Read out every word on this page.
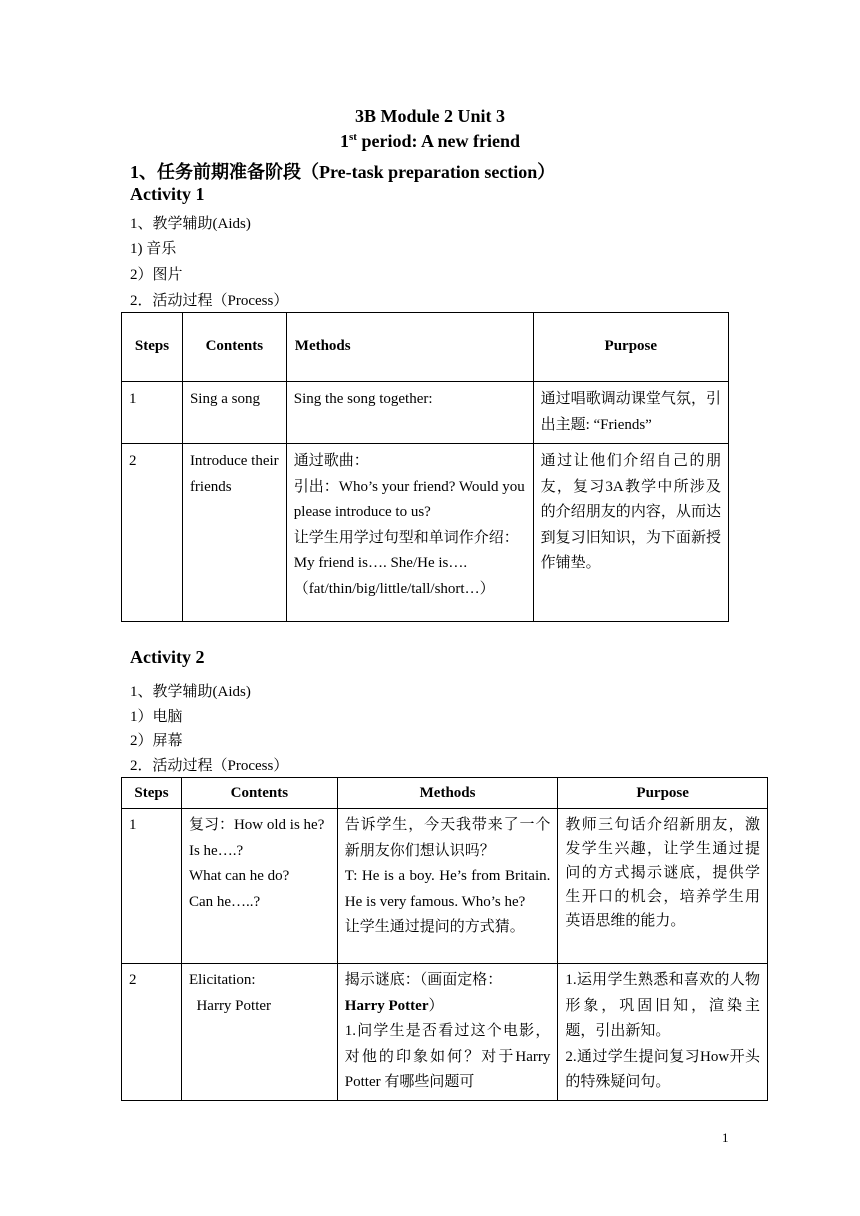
3B Module 2 Unit 3
1st period: A new friend
1、任务前期准备阶段（Pre-task preparation section）
Activity 1
1、教学辅助(Aids)
1) 音乐
2）图片
2．活动过程（Process）
Steps	Contents	Methods	Purpose
1	Sing a song	Sing the song together:	通过唱歌调动课堂气氛，引出主题: “Friends”
2	Introduce their friends	通过歌曲：
引出：Who’s your friend? Would you please introduce to us?
让学生用学过句型和单词作介绍：My friend is…. She/He is….（fat/thin/big/little/tall/short…）	通过让他们介绍自己的朋友，复习3A教学中所涉及的介绍朋友的内容，从而达到复习旧知识，为下面新授作铺垫。
Activity 2
1、教学辅助(Aids)
1）电脑
2）屏幕
2．活动过程（Process）
Steps	Contents	Methods	Purpose
1	复习：How old is he?
Is he….?
What can he do?
Can he…..?	告诉学生，今天我带来了一个新朋友你们想认识吗？
T: He is a boy. He’s from Britain. He is very famous. Who’s he?
让学生通过提问的方式猜。	教师三句话介绍新朋友，激发学生兴趣，让学生通过提问的方式揭示谜底，提供学生开口的机会，培养学生用英语思维的能力。
2	Elicitation:
Harry Potter	揭示谜底：（画面定格：
Harry Potter）
1.问学生是否看过这个电影，对他的印象如何？对于Harry Potter 有哪些问题可	1.运用学生熟悉和喜欢的人物形象，巩固旧知，渲染主题，引出新知。
2.通过学生提问复习How开头的特殊疑问句。
1
